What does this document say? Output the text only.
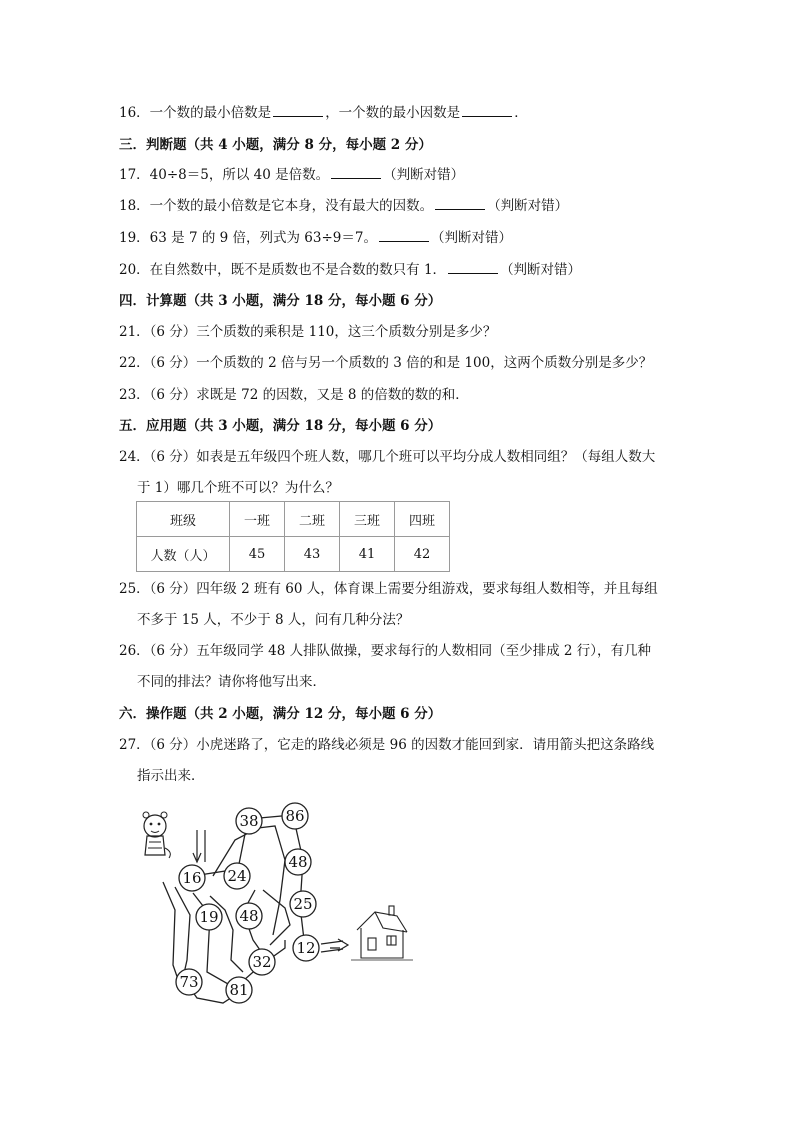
16．一个数的最小倍数是	，一个数的最小因数是	．
三．判断题（共 4 小题，满分 8 分，每小题 2 分）
17．40÷8＝5，所以 40 是倍数。	（判断对错）
18．一个数的最小倍数是它本身，没有最大的因数。	（判断对错）
19．63 是 7 的 9 倍，列式为 63÷9＝7。	（判断对错）
20．在自然数中，既不是质数也不是合数的数只有 1．	（判断对错）
四．计算题（共 3 小题，满分 18 分，每小题 6 分）
21．（6 分）三个质数的乘积是 110，这三个质数分别是多少？
22．（6 分）一个质数的 2 倍与另一个质数的 3 倍的和是 100，这两个质数分别是多少？
23．（6 分）求既是 72 的因数，又是 8 的倍数的数的和．
五．应用题（共 3 小题，满分 18 分，每小题 6 分）
24．（6 分）如表是五年级四个班人数，哪几个班可以平均分成人数相同组？（每组人数大
于 1）哪几个班不可以？为什么？
班级	一班	二班	三班	四班
人数（人）	45	43	41	42
25．（6 分）四年级 2 班有 60 人，体育课上需要分组游戏，要求每组人数相等，并且每组
不多于 15 人，不少于 8 人，问有几种分法？
26．（6 分）五年级同学 48 人排队做操，要求每行的人数相同（至少排成 2 行），有几种
不同的排法？请你将他写出来．
六．操作题（共 2 小题，满分 12 分，每小题 6 分）
27．（6 分）小虎迷路了，它走的路线必须是 96 的因数才能回到家．请用箭头把这条路线
指示出来．
38 86
48
16 24
25
19 48
12
32
73 81
